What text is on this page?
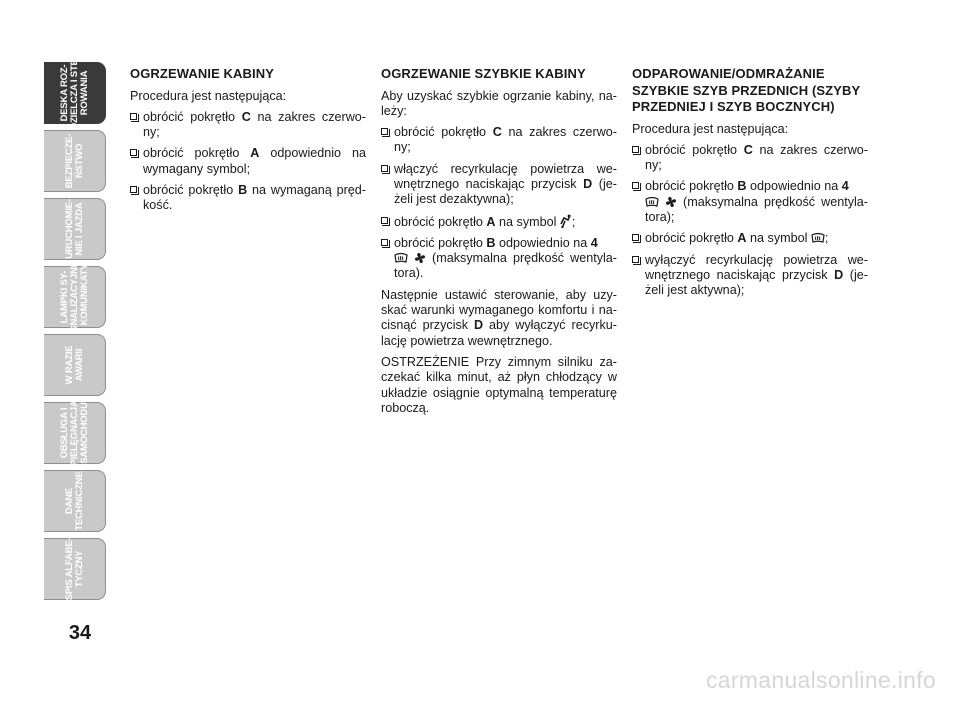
DESKA ROZ-
DZIELCZA I STE-
ROWANIA
BEZPIECZE-
ŃSTWO
URUCHOMIE-
NIE I JAZDA
LAMPKI SY-
GNALIZACYJNE
I KOMUNIKATY
W RAZIE
AWARII
OBSŁUGA I
PIELĘGNACJA
SAMOCHODU
DANE
TECHNICZNE
SPIS ALFABE-
TYCZNY
34
OGRZEWANIE KABINY
Procedura jest następująca:
obrócić pokrętło C na zakres czerwo-ny;
obrócić pokrętło A odpowiednio na wymagany symbol;
obrócić pokrętło B na wymaganą pręd-kość.
OGRZEWANIE SZYBKIE KABINY
Aby uzyskać szybkie ogrzanie kabiny, na-leży:
obrócić pokrętło C na zakres czerwo-ny;
włączyć recyrkulację powietrza we-wnętrznego naciskając przycisk D (je-żeli jest dezaktywna);
obrócić pokrętło A na symbol ;
obrócić pokrętło B odpowiednio na 4
(maksymalna prędkość wentyla-tora).
Następnie ustawić sterowanie, aby uzy-skać warunki wymaganego komfortu i na-cisnąć przycisk D aby wyłączyć recyrku-lację powietrza wewnętrznego.
OSTRZEŻENIE Przy zimnym silniku za-czekać kilka minut, aż płyn chłodzący w układzie osiągnie optymalną temperaturę roboczą.
ODPAROWANIE/ODMRAŻANIE SZYBKIE SZYB PRZEDNICH (SZYBY PRZEDNIEJ I SZYB BOCZNYCH)
Procedura jest następująca:
obrócić pokrętło C na zakres czerwo-ny;
obrócić pokrętło B odpowiednio na 4
(maksymalna prędkość wentyla-tora);
obrócić pokrętło A na symbol ;
wyłączyć recyrkulację powietrza we-wnętrznego naciskając przycisk D (je-żeli jest aktywna);
carmanualsonline.info
